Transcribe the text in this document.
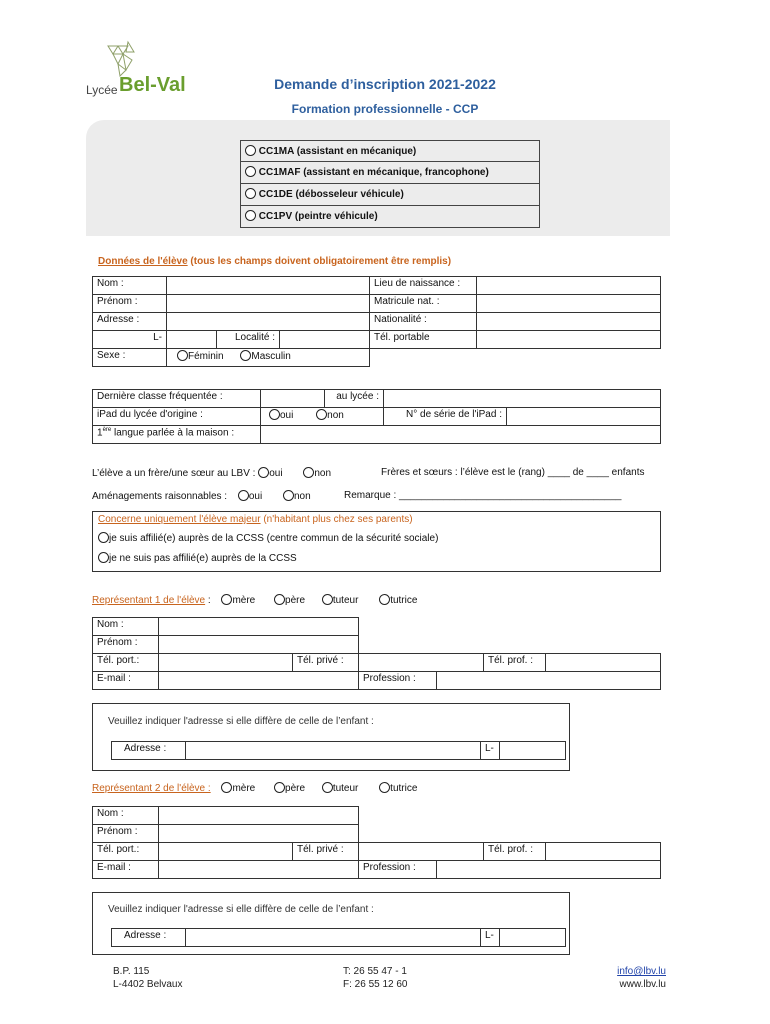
Lycée Bel-Val	Demande d’inscription 2021-2022
Formation professionnelle - CCP
CC1MA (assistant en mécanique)
CC1MAF (assistant en mécanique, francophone)
CC1DE (débosseleur véhicule)
CC1PV (peintre véhicule)
Données de l'élève (tous les champs doivent obligatoirement être remplis)
Nom :	Lieu de naissance :
Prénom :	Matricule nat. :
Adresse :	Nationalité :
L-	Localité :	Tél. portable
Sexe :	Féminin	Masculin
Dernière classe fréquentée :	au lycée :
iPad du lycée d'origine :	oui	non	N° de série de l'iPad :
1ère langue parlée à la maison :
L’élève a un frère/une sœur au LBV : oui	non	Frères et sœurs : l’élève est le (rang) ____ de ____ enfants
Aménagements raisonnables : oui	non	Remarque : ________________________________________
Concerne uniquement l'élève majeur (n'habitant plus chez ses parents)
je suis affilié(e) auprès de la CCSS (centre commun de la sécurité sociale)
je ne suis pas affilié(e) auprès de la CCSS
Représentant 1 de l'élève : mère	père	tuteur	tutrice
Nom :
Prénom :
Tél. port.:	Tél. privé :	Tél. prof. :
E-mail :	Profession :
Veuillez indiquer l'adresse si elle diffère de celle de l’enfant :
Adresse :	L-
Représentant 2 de l'élève : mère	père	tuteur	tutrice
Nom :
Prénom :
Tél. port.:	Tél. privé :	Tél. prof. :
E-mail :	Profession :
Veuillez indiquer l'adresse si elle diffère de celle de l’enfant :
Adresse :	L-
B.P. 115
L-4402 Belvaux
T: 26 55 47 - 1
F: 26 55 12 60
info@lbv.lu
www.lbv.lu
